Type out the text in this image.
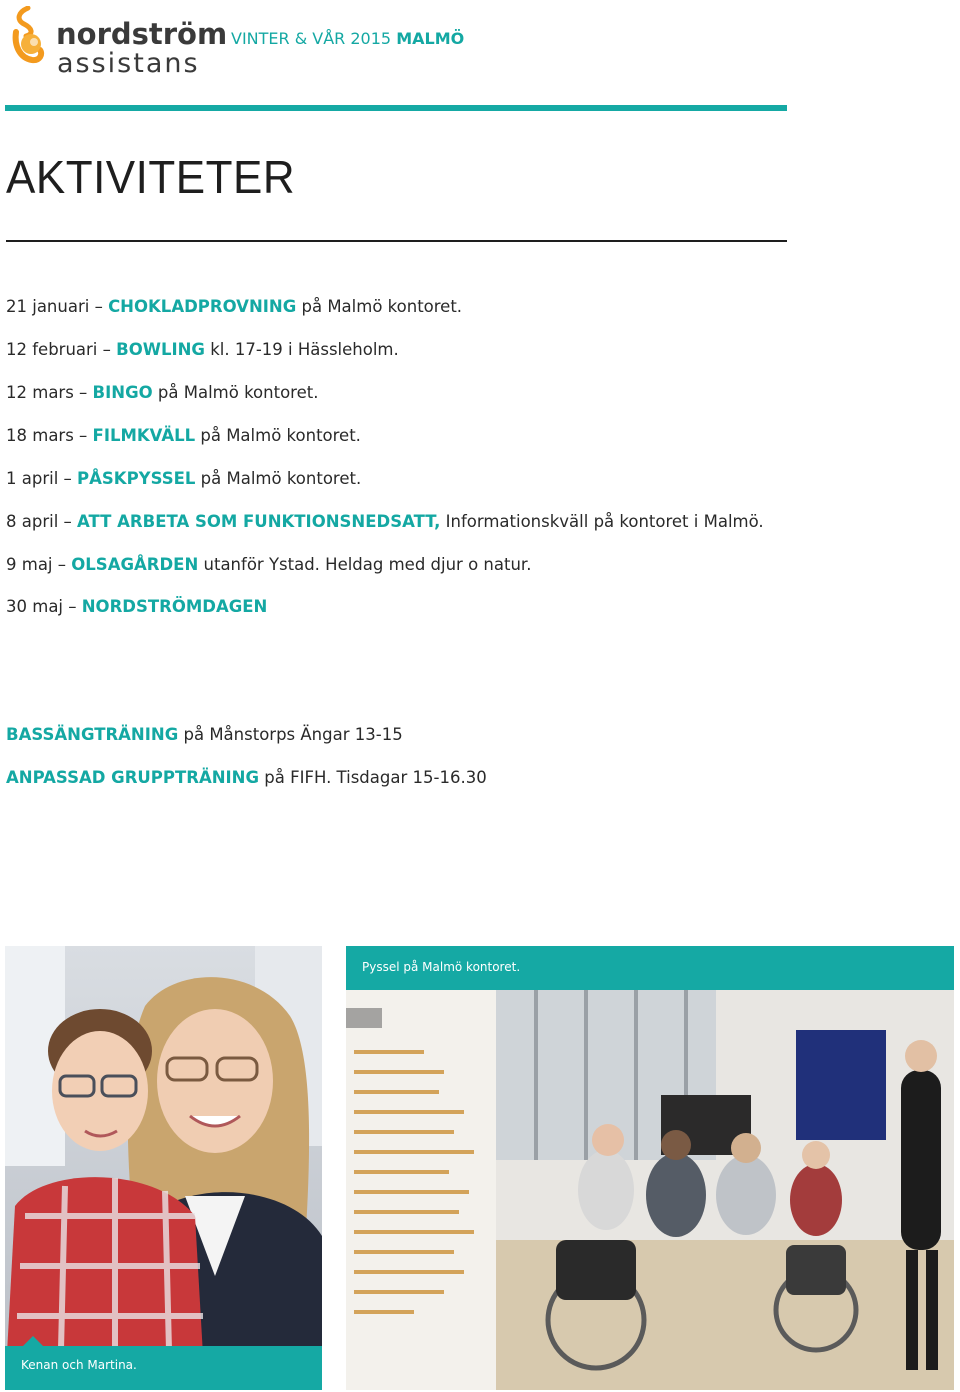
nordström
assistans
VINTER & VÅR 2015 MALMÖ
AKTIVITETER
21 januari – CHOKLADPROVNING på Malmö kontoret.
12 februari – BOWLING kl. 17-19 i Hässleholm.
12 mars – BINGO på Malmö kontoret.
18 mars – FILMKVÄLL på Malmö kontoret.
1 april – PÅSKPYSSEL på Malmö kontoret.
8 april – ATT ARBETA SOM FUNKTIONSNEDSATT, Informationskväll på kontoret i Malmö.
9 maj – OLSAGÅRDEN utanför Ystad. Heldag med djur o natur.
30 maj – NORDSTRÖMDAGEN
BASSÄNGTRÄNING på Månstorps Ängar 13-15
ANPASSAD GRUPPTRÄNING på FIFH. Tisdagar 15-16.30
Kenan och Martina.
Pyssel på Malmö kontoret.
